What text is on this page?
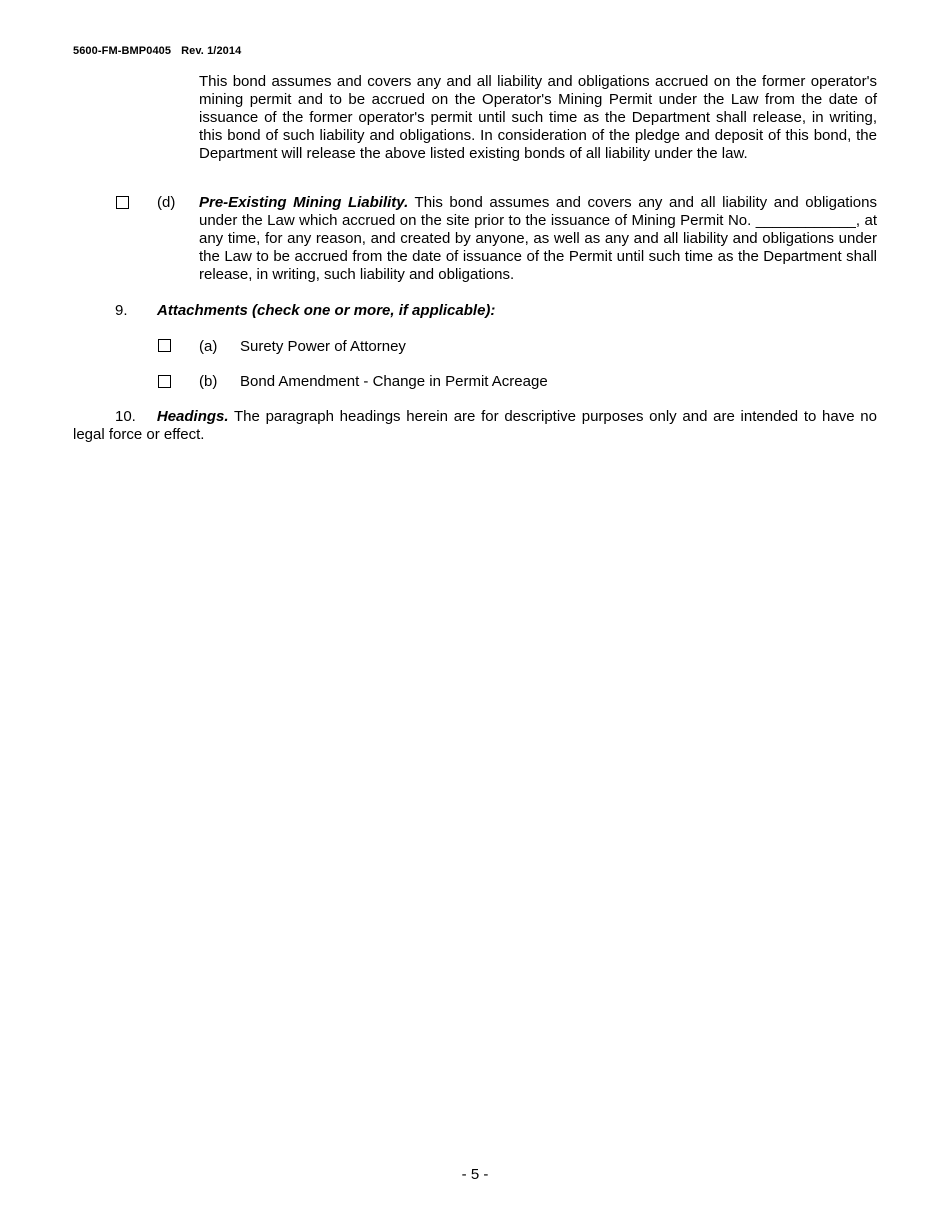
5600-FM-BMP0405 Rev. 1/2014
This bond assumes and covers any and all liability and obligations accrued on the former operator's mining permit and to be accrued on the Operator's Mining Permit under the Law from the date of issuance of the former operator's permit until such time as the Department shall release, in writing, this bond of such liability and obligations. In consideration of the pledge and deposit of this bond, the Department will release the above listed existing bonds of all liability under the law.
(d) Pre-Existing Mining Liability. This bond assumes and covers any and all liability and obligations under the Law which accrued on the site prior to the issuance of Mining Permit No. ____________, at any time, for any reason, and created by anyone, as well as any and all liability and obligations under the Law to be accrued from the date of issuance of the Permit until such time as the Department shall release, in writing, such liability and obligations.
9. Attachments (check one or more, if applicable):
(a) Surety Power of Attorney
(b) Bond Amendment - Change in Permit Acreage
10. Headings. The paragraph headings herein are for descriptive purposes only and are intended to have no legal force or effect.
- 5 -
